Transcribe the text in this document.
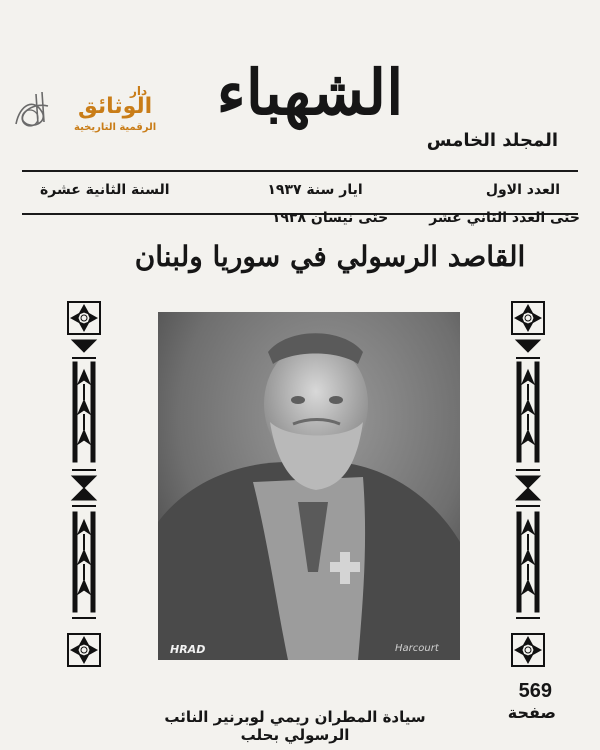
دار
الوثائق
الرقمية التاريخية الشهباء
المجلد الخامس
العدد الاول
ايار سنة ١٩٣٧
السنة الثانية عشرة
حتى العدد الثاني عشر
حتى نيسان ١٩٣٨
القاصد الرسولي في سوريا ولبنان
HRAD	Harcourt
569
صفحة
سيادة المطران ريمي لوبرنير النائب الرسولي بحلب
